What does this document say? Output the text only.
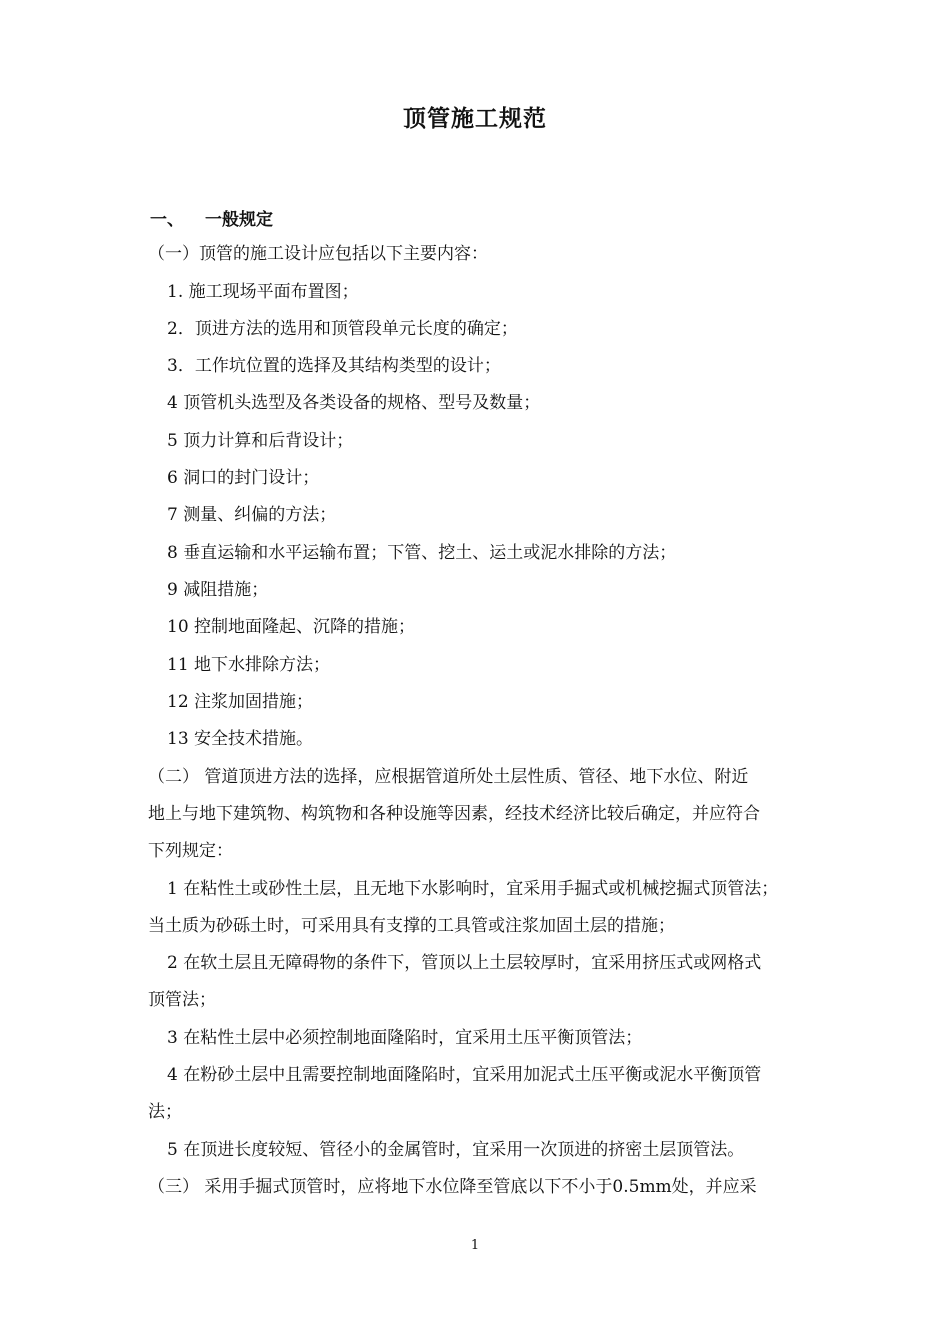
顶管施工规范
一、 一般规定
（一）顶管的施工设计应包括以下主要内容：
1. 施工现场平面布置图；
2．顶进方法的选用和顶管段单元长度的确定；
3．工作坑位置的选择及其结构类型的设计；
4 顶管机头选型及各类设备的规格、型号及数量；
5 顶力计算和后背设计；
6 洞口的封门设计；
7 测量、纠偏的方法；
8 垂直运输和水平运输布置；下管、挖土、运土或泥水排除的方法；
9 减阻措施；
10 控制地面隆起、沉降的措施；
11 地下水排除方法；
12 注浆加固措施；
13 安全技术措施。
（二） 管道顶进方法的选择，应根据管道所处土层性质、管径、地下水位、附近
地上与地下建筑物、构筑物和各种设施等因素，经技术经济比较后确定，并应符合
下列规定：
1 在粘性土或砂性土层，且无地下水影响时，宜采用手掘式或机械挖掘式顶管法；
当土质为砂砾土时，可采用具有支撑的工具管或注浆加固土层的措施；
2 在软土层且无障碍物的条件下，管顶以上土层较厚时，宜采用挤压式或网格式
顶管法；
3 在粘性土层中必须控制地面隆陷时，宜采用土压平衡顶管法；
4 在粉砂土层中且需要控制地面隆陷时，宜采用加泥式土压平衡或泥水平衡顶管
法；
5 在顶进长度较短、管径小的金属管时，宜采用一次顶进的挤密土层顶管法。
（三） 采用手掘式顶管时，应将地下水位降至管底以下不小于0.5mm处，并应采
1
